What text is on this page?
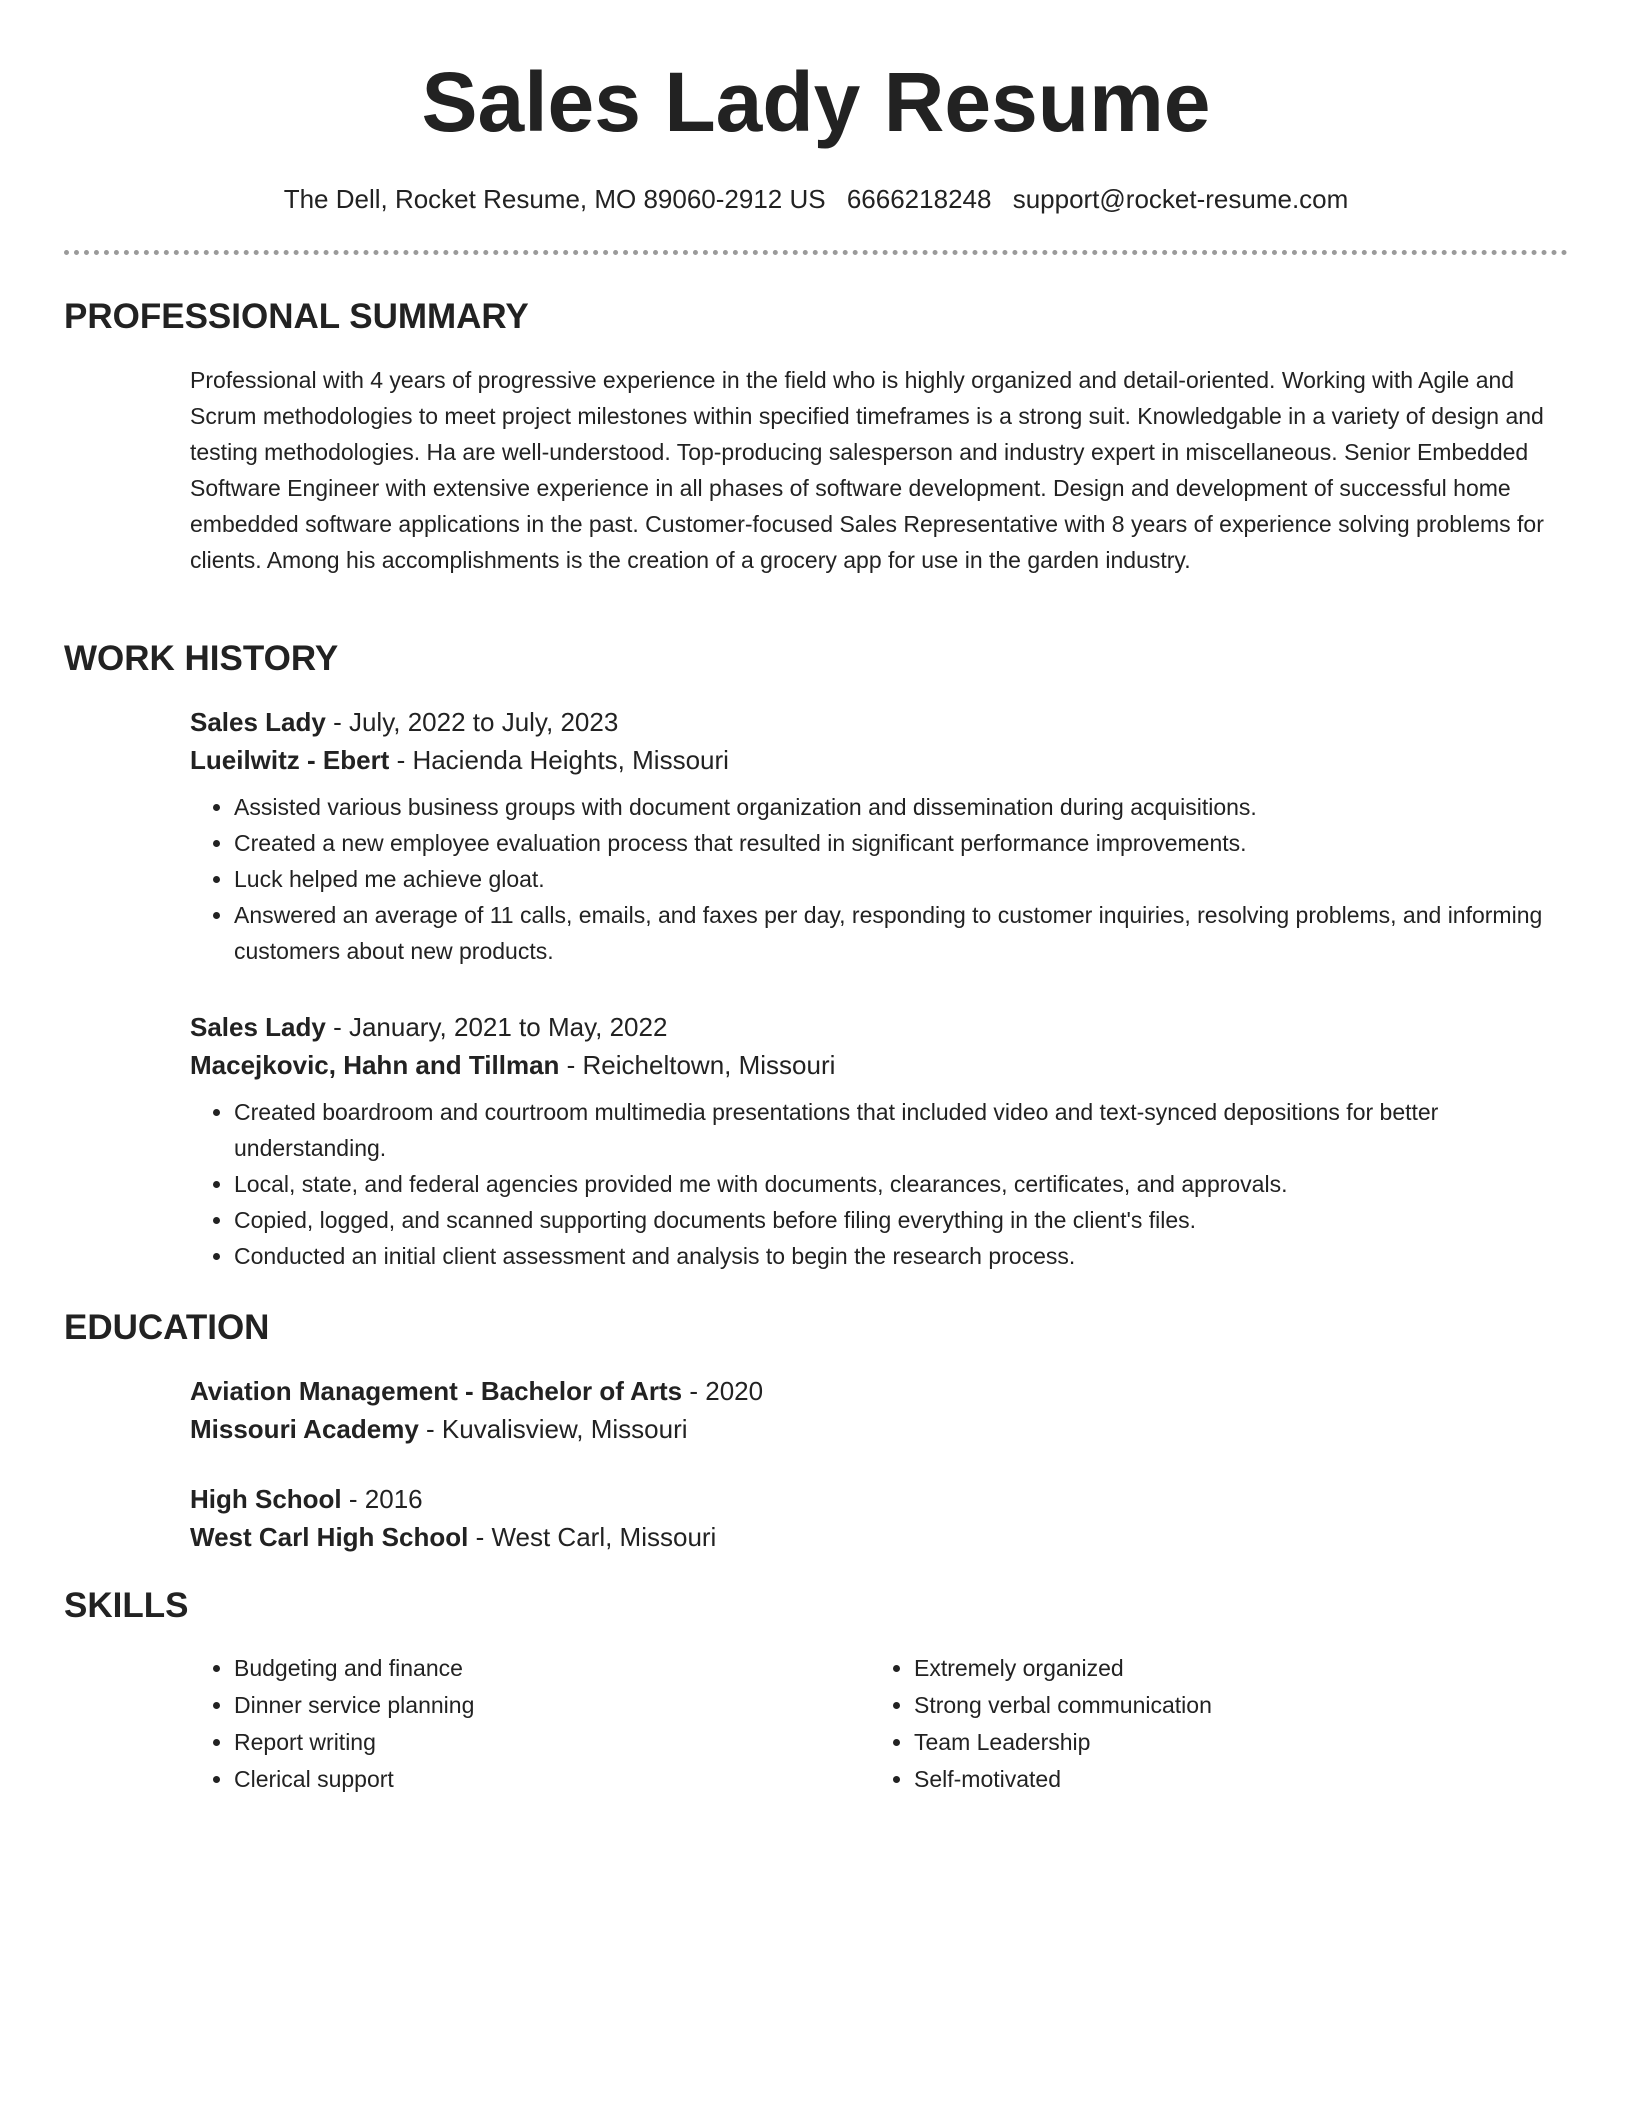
Sales Lady Resume
The Dell, Rocket Resume, MO 89060-2912 US 6666218248 support@rocket-resume.com
PROFESSIONAL SUMMARY

Professional with 4 years of progressive experience in the field who is highly organized and detail-oriented. Working with Agile and Scrum methodologies to meet project milestones within specified timeframes is a strong suit. Knowledgable in a variety of design and testing methodologies. Ha are well-understood. Top-producing salesperson and industry expert in miscellaneous. Senior Embedded Software Engineer with extensive experience in all phases of software development. Design and development of successful home embedded software applications in the past. Customer-focused Sales Representative with 8 years of experience solving problems for clients. Among his accomplishments is the creation of a grocery app for use in the garden industry.

WORK HISTORY

Sales Lady - July, 2022 to July, 2023

Lueilwitz - Ebert - Hacienda Heights, Missouri

• Assisted various business groups with document organization and dissemination during acquisitions.
• Created a new employee evaluation process that resulted in significant performance improvements.
• Luck helped me achieve gloat.
• Answered an average of 11 calls, emails, and faxes per day, responding to customer inquiries, resolving problems, and informing customers about new products.

Sales Lady - January, 2021 to May, 2022

Macejkovic, Hahn and Tillman - Reicheltown, Missouri

• Created boardroom and courtroom multimedia presentations that included video and text-synced depositions for better understanding.
• Local, state, and federal agencies provided me with documents, clearances, certificates, and approvals.
• Copied, logged, and scanned supporting documents before filing everything in the client's files.
• Conducted an initial client assessment and analysis to begin the research process.
EDUCATION

Aviation Management - Bachelor of Arts - 2020

Missouri Academy - Kuvalisview, Missouri

High School - 2016

West Carl High School - West Carl, Missouri

SKILLS
• Budgeting and finance
• Dinner service planning
• Report writing
• Clerical support
• Extremely organized
• Strong verbal communication
• Team Leadership
• Self-motivated
